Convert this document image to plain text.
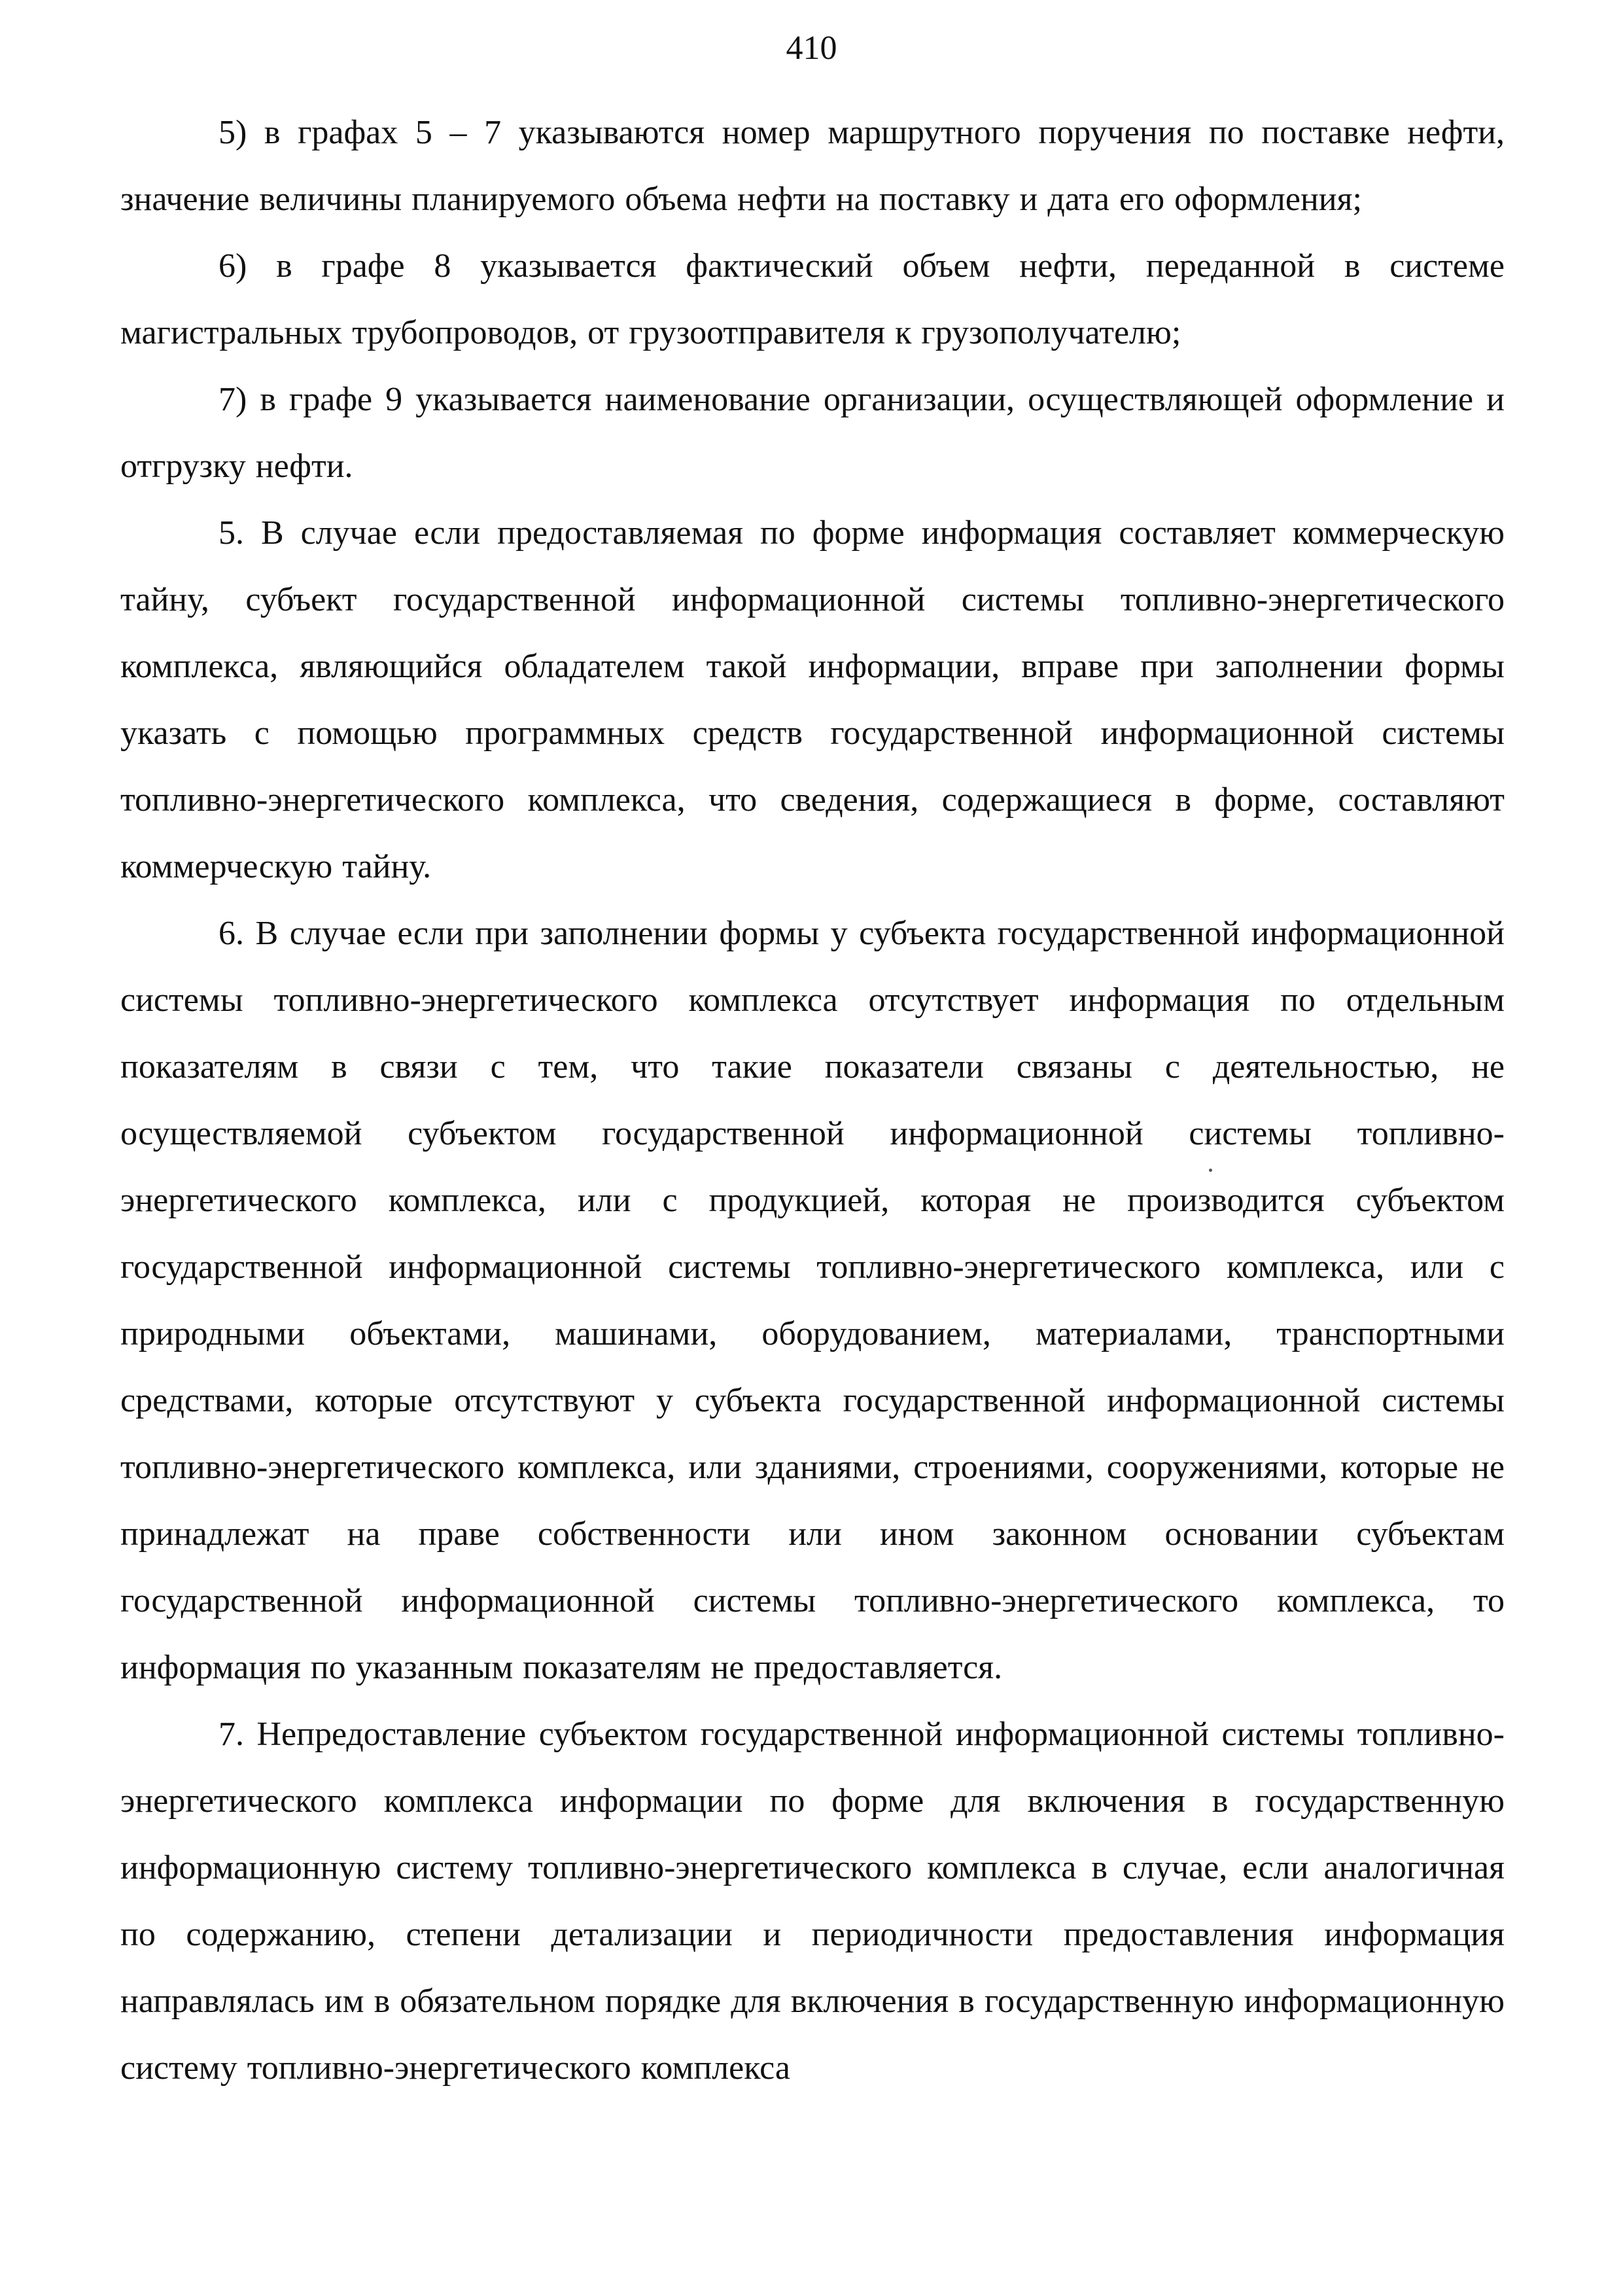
410

5) в графах 5 – 7 указываются номер маршрутного поручения по поставке нефти, значение величины планируемого объема нефти на поставку и дата его оформления;

6) в графе 8 указывается фактический объем нефти, переданной в системе магистральных трубопроводов, от грузоотправителя к грузополучателю;

7) в графе 9 указывается наименование организации, осуществляющей оформление и отгрузку нефти.

5. В случае если предоставляемая по форме информация составляет коммерческую тайну, субъект государственной информационной системы топливно-энергетического комплекса, являющийся обладателем такой информации, вправе при заполнении формы указать с помощью программных средств государственной информационной системы топливно-энергетического комплекса, что сведения, содержащиеся в форме, составляют коммерческую тайну.

6. В случае если при заполнении формы у субъекта государственной информационной системы топливно-энергетического комплекса отсутствует информация по отдельным показателям в связи с тем, что такие показатели связаны с деятельностью, не осуществляемой субъектом государственной информационной системы топливно-энергетического комплекса, или с продукцией, которая не производится субъектом государственной информационной системы топливно-энергетического комплекса, или с природными объектами, машинами, оборудованием, материалами, транспортными средствами, которые отсутствуют у субъекта государственной информационной системы топливно-энергетического комплекса, или зданиями, строениями, сооружениями, которые не принадлежат на праве собственности или ином законном основании субъектам государственной информационной системы топливно-энергетического комплекса, то информация по указанным показателям не предоставляется.

7. Непредоставление субъектом государственной информационной системы топливно-энергетического комплекса информации по форме для включения в государственную информационную систему топливно-энергетического комплекса в случае, если аналогичная по содержанию, степени детализации и периодичности предоставления информация направлялась им в обязательном порядке для включения в государственную информационную систему топливно-энергетического комплекса
